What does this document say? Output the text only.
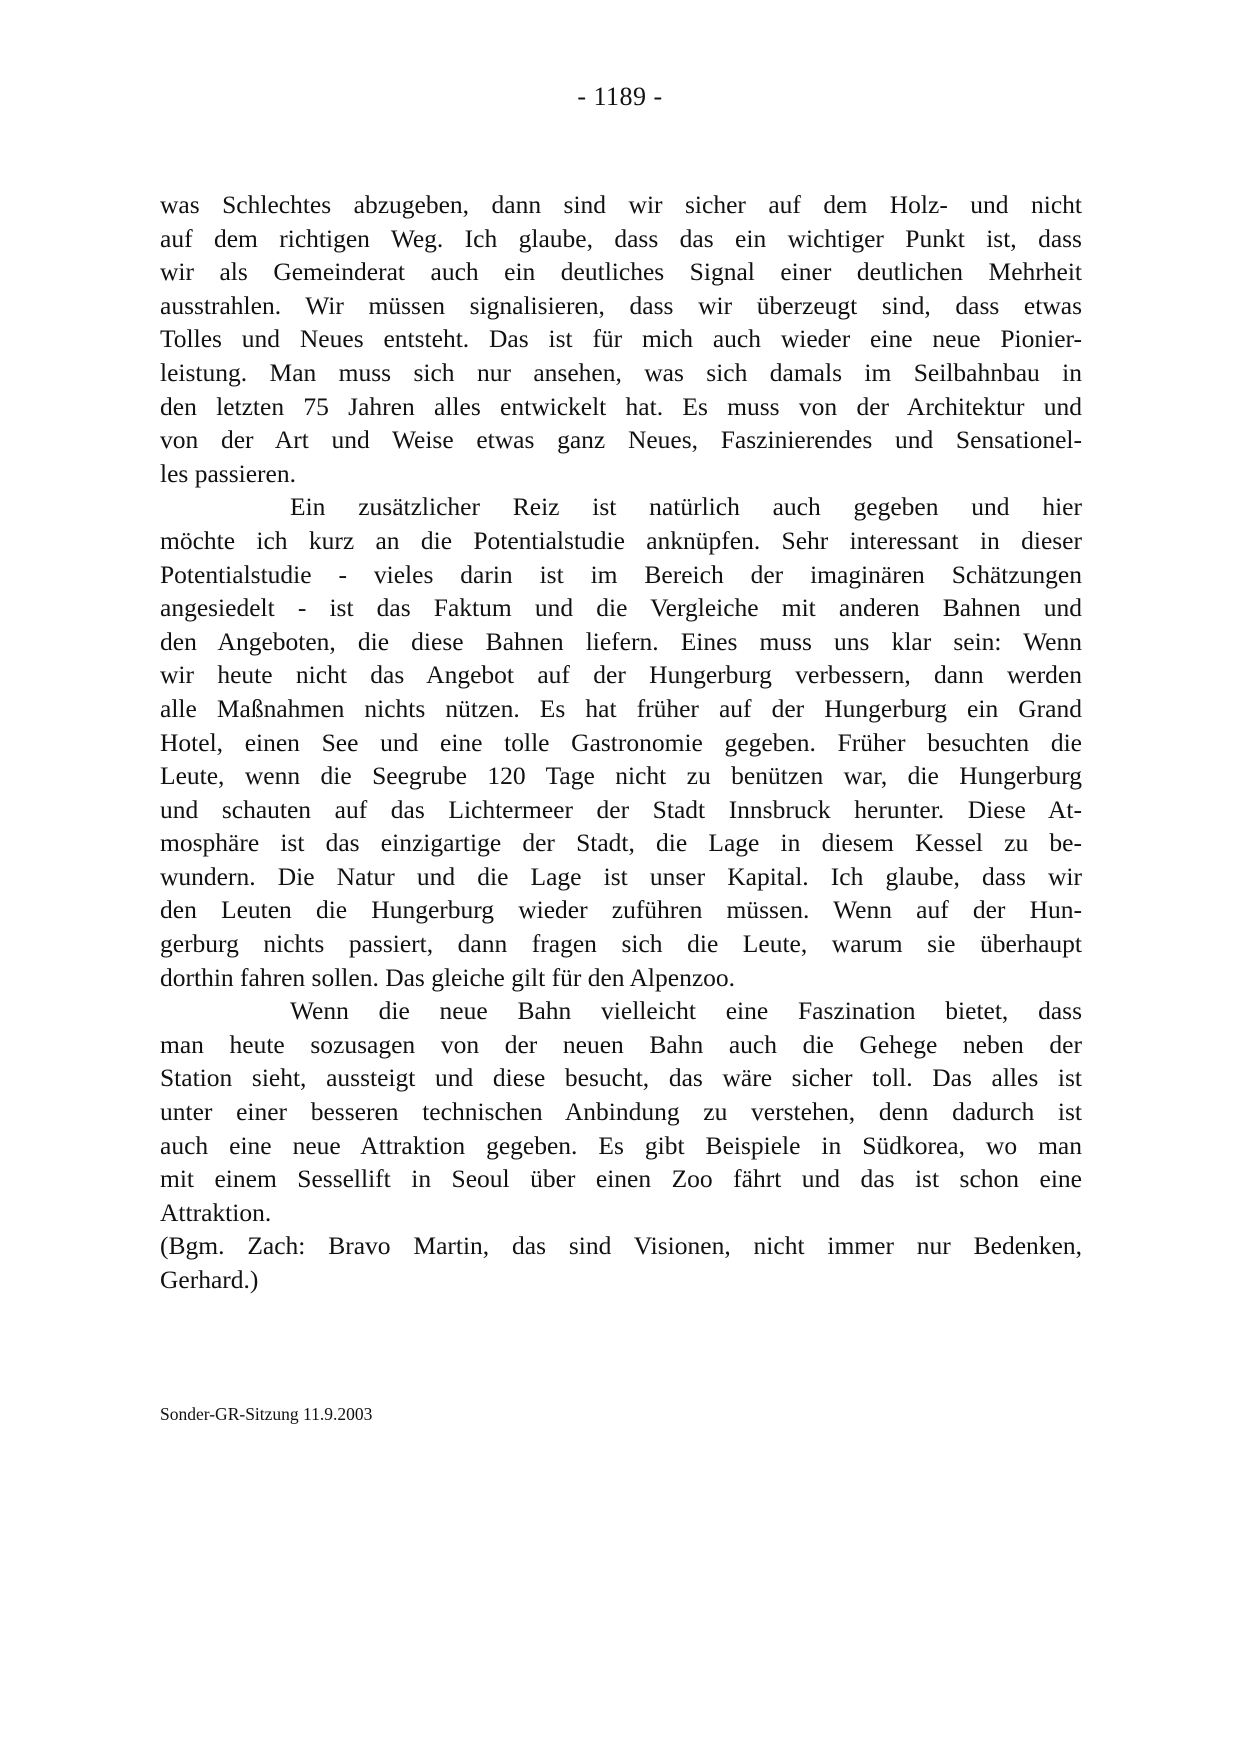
- 1189 -
was Schlechtes abzugeben, dann sind wir sicher auf dem Holz- und nicht
auf dem richtigen Weg. Ich glaube, dass das ein wichtiger Punkt ist, dass
wir als Gemeinderat auch ein deutliches Signal einer deutlichen Mehrheit
ausstrahlen. Wir müssen signalisieren, dass wir überzeugt sind, dass etwas
Tolles und Neues entsteht. Das ist für mich auch wieder eine neue Pionier-
leistung. Man muss sich nur ansehen, was sich damals im Seilbahnbau in
den letzten 75 Jahren alles entwickelt hat. Es muss von der Architektur und
von der Art und Weise etwas ganz Neues, Faszinierendes und Sensationel-
les passieren.
Ein zusätzlicher Reiz ist natürlich auch gegeben und hier
möchte ich kurz an die Potentialstudie anknüpfen. Sehr interessant in dieser
Potentialstudie - vieles darin ist im Bereich der imaginären Schätzungen
angesiedelt - ist das Faktum und die Vergleiche mit anderen Bahnen und
den Angeboten, die diese Bahnen liefern. Eines muss uns klar sein: Wenn
wir heute nicht das Angebot auf der Hungerburg verbessern, dann werden
alle Maßnahmen nichts nützen. Es hat früher auf der Hungerburg ein Grand
Hotel, einen See und eine tolle Gastronomie gegeben. Früher besuchten die
Leute, wenn die Seegrube 120 Tage nicht zu benützen war, die Hungerburg
und schauten auf das Lichtermeer der Stadt Innsbruck herunter. Diese At-
mosphäre ist das einzigartige der Stadt, die Lage in diesem Kessel zu be-
wundern. Die Natur und die Lage ist unser Kapital. Ich glaube, dass wir
den Leuten die Hungerburg wieder zuführen müssen. Wenn auf der Hun-
gerburg nichts passiert, dann fragen sich die Leute, warum sie überhaupt
dorthin fahren sollen. Das gleiche gilt für den Alpenzoo.
Wenn die neue Bahn vielleicht eine Faszination bietet, dass
man heute sozusagen von der neuen Bahn auch die Gehege neben der
Station sieht, aussteigt und diese besucht, das wäre sicher toll. Das alles ist
unter einer besseren technischen Anbindung zu verstehen, denn dadurch ist
auch eine neue Attraktion gegeben. Es gibt Beispiele in Südkorea, wo man
mit einem Sessellift in Seoul über einen Zoo fährt und das ist schon eine
Attraktion.
(Bgm. Zach: Bravo Martin, das sind Visionen, nicht immer nur Bedenken,
Gerhard.)
Sonder-GR-Sitzung 11.9.2003
